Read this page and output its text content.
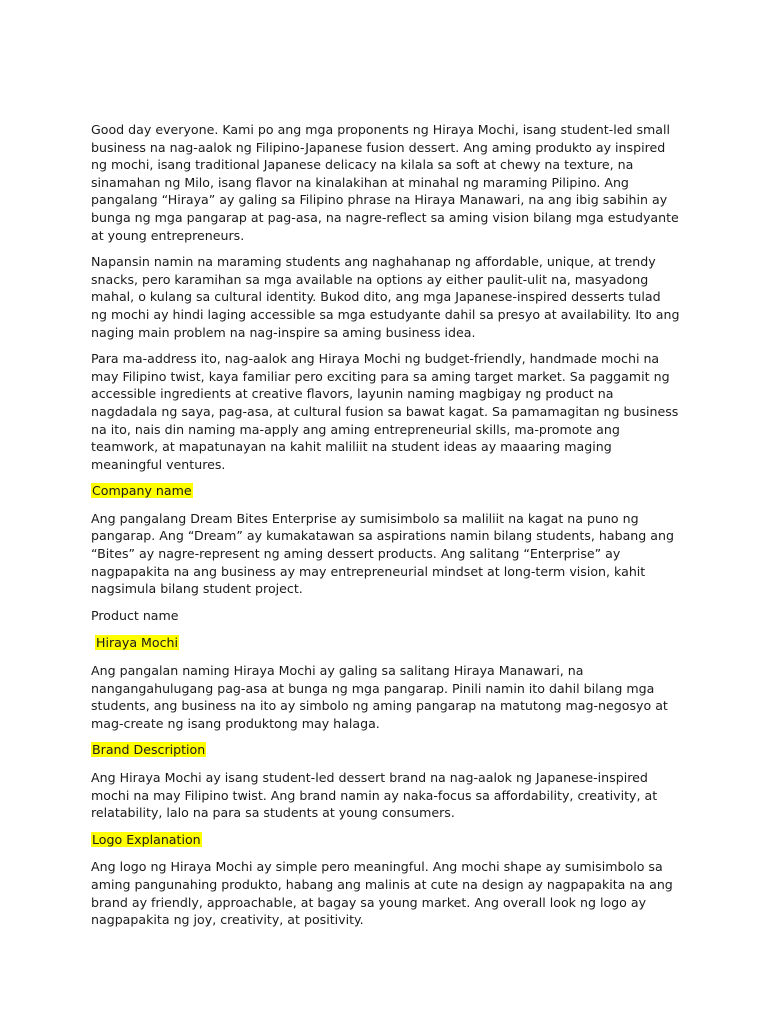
Good day everyone. Kami po ang mga proponents ng Hiraya Mochi, isang student-led small
business na nag-aalok ng Filipino-Japanese fusion dessert. Ang aming produkto ay inspired
ng mochi, isang traditional Japanese delicacy na kilala sa soft at chewy na texture, na
sinamahan ng Milo, isang flavor na kinalakihan at minahal ng maraming Pilipino. Ang
pangalang “Hiraya” ay galing sa Filipino phrase na Hiraya Manawari, na ang ibig sabihin ay
bunga ng mga pangarap at pag-asa, na nagre-reflect sa aming vision bilang mga estudyante
at young entrepreneurs.

Napansin namin na maraming students ang naghahanap ng affordable, unique, at trendy
snacks, pero karamihan sa mga available na options ay either paulit-ulit na, masyadong
mahal, o kulang sa cultural identity. Bukod dito, ang mga Japanese-inspired desserts tulad
ng mochi ay hindi laging accessible sa mga estudyante dahil sa presyo at availability. Ito ang
naging main problem na nag-inspire sa aming business idea.

Para ma-address ito, nag-aalok ang Hiraya Mochi ng budget-friendly, handmade mochi na
may Filipino twist, kaya familiar pero exciting para sa aming target market. Sa paggamit ng
accessible ingredients at creative flavors, layunin naming magbigay ng product na
nagdadala ng saya, pag-asa, at cultural fusion sa bawat kagat. Sa pamamagitan ng business
na ito, nais din naming ma-apply ang aming entrepreneurial skills, ma-promote ang
teamwork, at mapatunayan na kahit maliliit na student ideas ay maaaring maging
meaningful ventures.

Company name

Ang pangalang Dream Bites Enterprise ay sumisimbolo sa maliliit na kagat na puno ng
pangarap. Ang “Dream” ay kumakatawan sa aspirations namin bilang students, habang ang
“Bites” ay nagre-represent ng aming dessert products. Ang salitang “Enterprise” ay
nagpapakita na ang business ay may entrepreneurial mindset at long-term vision, kahit
nagsimula bilang student project.

Product name

Hiraya Mochi

Ang pangalan naming Hiraya Mochi ay galing sa salitang Hiraya Manawari, na
nangangahulugang pag-asa at bunga ng mga pangarap. Pinili namin ito dahil bilang mga
students, ang business na ito ay simbolo ng aming pangarap na matutong mag-negosyo at
mag-create ng isang produktong may halaga.

Brand Description

Ang Hiraya Mochi ay isang student-led dessert brand na nag-aalok ng Japanese-inspired
mochi na may Filipino twist. Ang brand namin ay naka-focus sa affordability, creativity, at
relatability, lalo na para sa students at young consumers.

Logo Explanation

Ang logo ng Hiraya Mochi ay simple pero meaningful. Ang mochi shape ay sumisimbolo sa
aming pangunahing produkto, habang ang malinis at cute na design ay nagpapakita na ang
brand ay friendly, approachable, at bagay sa young market. Ang overall look ng logo ay
nagpapakita ng joy, creativity, at positivity.
